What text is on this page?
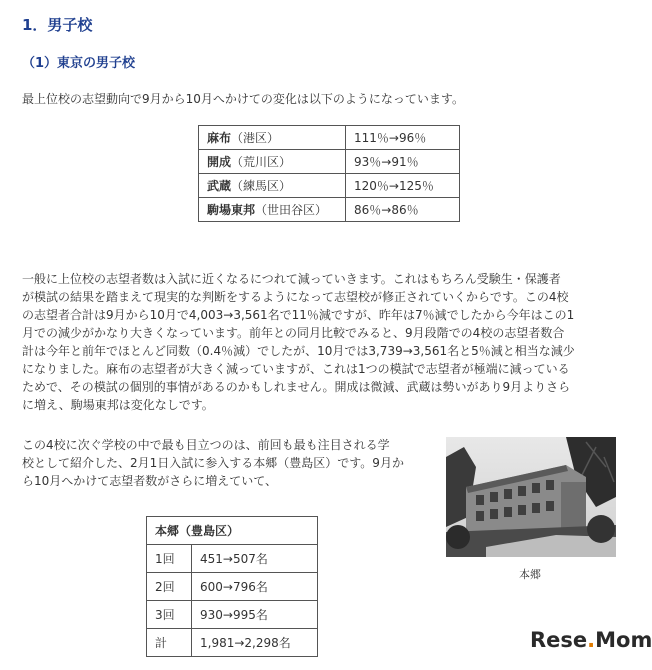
1．男子校
（1）東京の男子校
最上位校の志望動向で9月から10月へかけての変化は以下のようになっています。
麻布（港区）	111％→96％
開成（荒川区）	93％→91％
武蔵（練馬区）	120％→125％
駒場東邦（世田谷区）	86％→86％

一般に上位校の志望者数は入試に近くなるにつれて減っていきます。これはもちろん受験生・保護者
が模試の結果を踏まえて現実的な判断をするようになって志望校が修正されていくからです。この4校
の志望者合計は9月から10月で4,003→3,561名で11％減ですが、昨年は7％減でしたから今年はこの1
月での減少がかなり大きくなっています。前年との同月比較でみると、9月段階での4校の志望者数合
計は今年と前年でほとんど同数（0.4％減）でしたが、10月では3,739→3,561名と5％減と相当な減少
になりました。麻布の志望者が大きく減っていますが、これは1つの模試で志望者が極端に減っている
ためで、その模試の個別的事情があるのかもしれません。開成は微減、武蔵は勢いがあり9月よりさら
に増え、駒場東邦は変化なしです。

この4校に次ぐ学校の中で最も目立つのは、前回も最も注目される学
校として紹介した、2月1日入試に参入する本郷（豊島区）です。9月か
ら10月へかけて志望者数がさらに増えていて、

本郷（豊島区）	
1回	451→507名
2回	600→796名
3回	930→995名
計	1,981→2,298名
本郷
Rese.Mom
